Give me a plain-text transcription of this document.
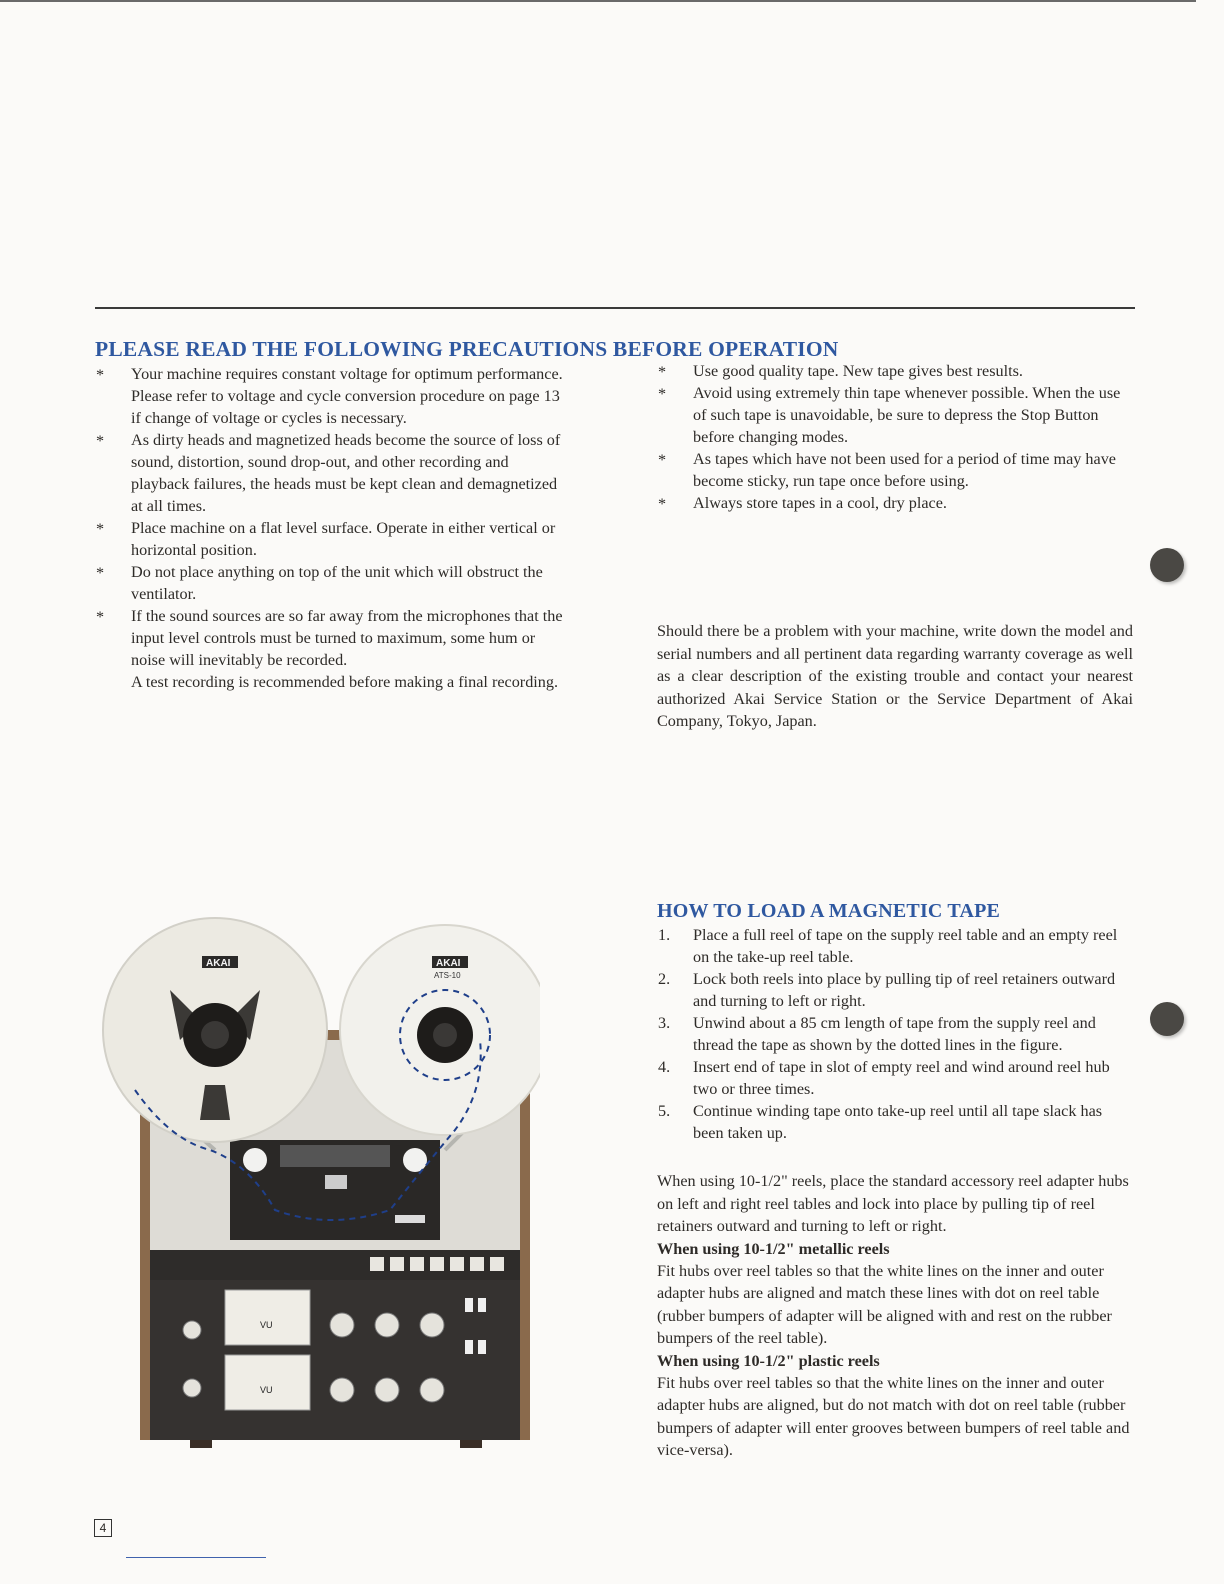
PLEASE READ THE FOLLOWING PRECAUTIONS BEFORE OPERATION
* Your machine requires constant voltage for optimum performance. Please refer to voltage and cycle conversion procedure on page 13 if change of voltage or cycles is necessary.
* As dirty heads and magnetized heads become the source of loss of sound, distortion, sound drop-out, and other recording and playback failures, the heads must be kept clean and demagnetized at all times.
* Place machine on a flat level surface. Operate in either vertical or horizontal position.
* Do not place anything on top of the unit which will obstruct the ventilator.
* If the sound sources are so far away from the microphones that the input level controls must be turned to maximum, some hum or noise will inevitably be recorded.
A test recording is recommended before making a final recording.
* Use good quality tape. New tape gives best results.
* Avoid using extremely thin tape whenever possible. When the use of such tape is unavoidable, be sure to depress the Stop Button before changing modes.
* As tapes which have not been used for a period of time may have become sticky, run tape once before using.
* Always store tapes in a cool, dry place.

Should there be a problem with your machine, write down the model and serial numbers and all pertinent data regarding warranty coverage as well as a clear description of the existing trouble and contact your nearest authorized Akai Service Station or the Service Department of Akai Company, Tokyo, Japan.

HOW TO LOAD A MAGNETIC TAPE
1. Place a full reel of tape on the supply reel table and an empty reel on the take-up reel table.
2. Lock both reels into place by pulling tip of reel retainers outward and turning to left or right.
3. Unwind about a 85 cm length of tape from the supply reel and thread the tape as shown by the dotted lines in the figure.
4. Insert end of tape in slot of empty reel and wind around reel hub two or three times.
5. Continue winding tape onto take-up reel until all tape slack has been taken up.

When using 10-1/2" reels, place the standard accessory reel adapter hubs on left and right reel tables and lock into place by pulling tip of reel retainers outward and turning to left or right.

When using 10-1/2" metallic reels

Fit hubs over reel tables so that the white lines on the inner and outer adapter hubs are aligned and match these lines with dot on reel table (rubber bumpers of adapter will be aligned with and rest on the rubber bumpers of the reel table).

When using 10-1/2" plastic reels

Fit hubs over reel tables so that the white lines on the inner and outer adapter hubs are aligned, but do not match with dot on reel table (rubber bumpers of adapter will enter grooves between bumpers of reel table and vice-versa).

VU
VU
AKAI	AKAI
ATS-10
4
